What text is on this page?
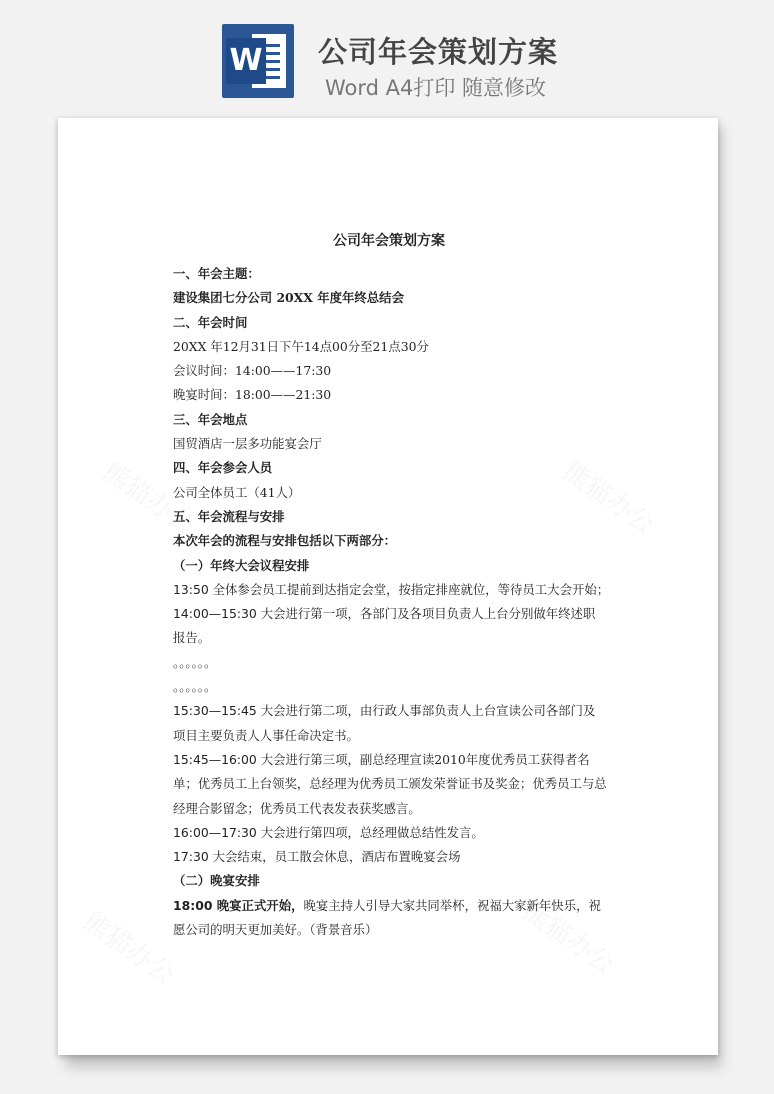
W 公司年会策划方案
Word A4打印 随意修改
熊猫办公	熊猫办公
熊猫办公	熊猫办公
公司年会策划方案

一、年会主题：

建设集团七分公司 20XX 年度年终总结会

二、年会时间

20XX 年12月31日下午14点00分至21点30分

会议时间：14:00——17:30

晚宴时间：18:00——21:30

三、年会地点

国贸酒店一层多功能宴会厅

四、年会参会人员

公司全体员工（41人）

五、年会流程与安排

本次年会的流程与安排包括以下两部分：

（一）年终大会议程安排

13:50 全体参会员工提前到达指定会堂，按指定排座就位，等待员工大会开始；

14:00—15:30 大会进行第一项，各部门及各项目负责人上台分别做年终述职

报告。

。。。。。。

。。。。。。

15:30—15:45 大会进行第二项，由行政人事部负责人上台宣读公司各部门及

项目主要负责人人事任命决定书。

15:45—16:00 大会进行第三项，副总经理宣读2010年度优秀员工获得者名

单；优秀员工上台领奖，总经理为优秀员工颁发荣誉证书及奖金；优秀员工与总

经理合影留念；优秀员工代表发表获奖感言。

16:00—17:30 大会进行第四项，总经理做总结性发言。

17:30 大会结束，员工散会休息，酒店布置晚宴会场

（二）晚宴安排

18:00 晚宴正式开始，晚宴主持人引导大家共同举杯，祝福大家新年快乐，祝

愿公司的明天更加美好。（背景音乐）
